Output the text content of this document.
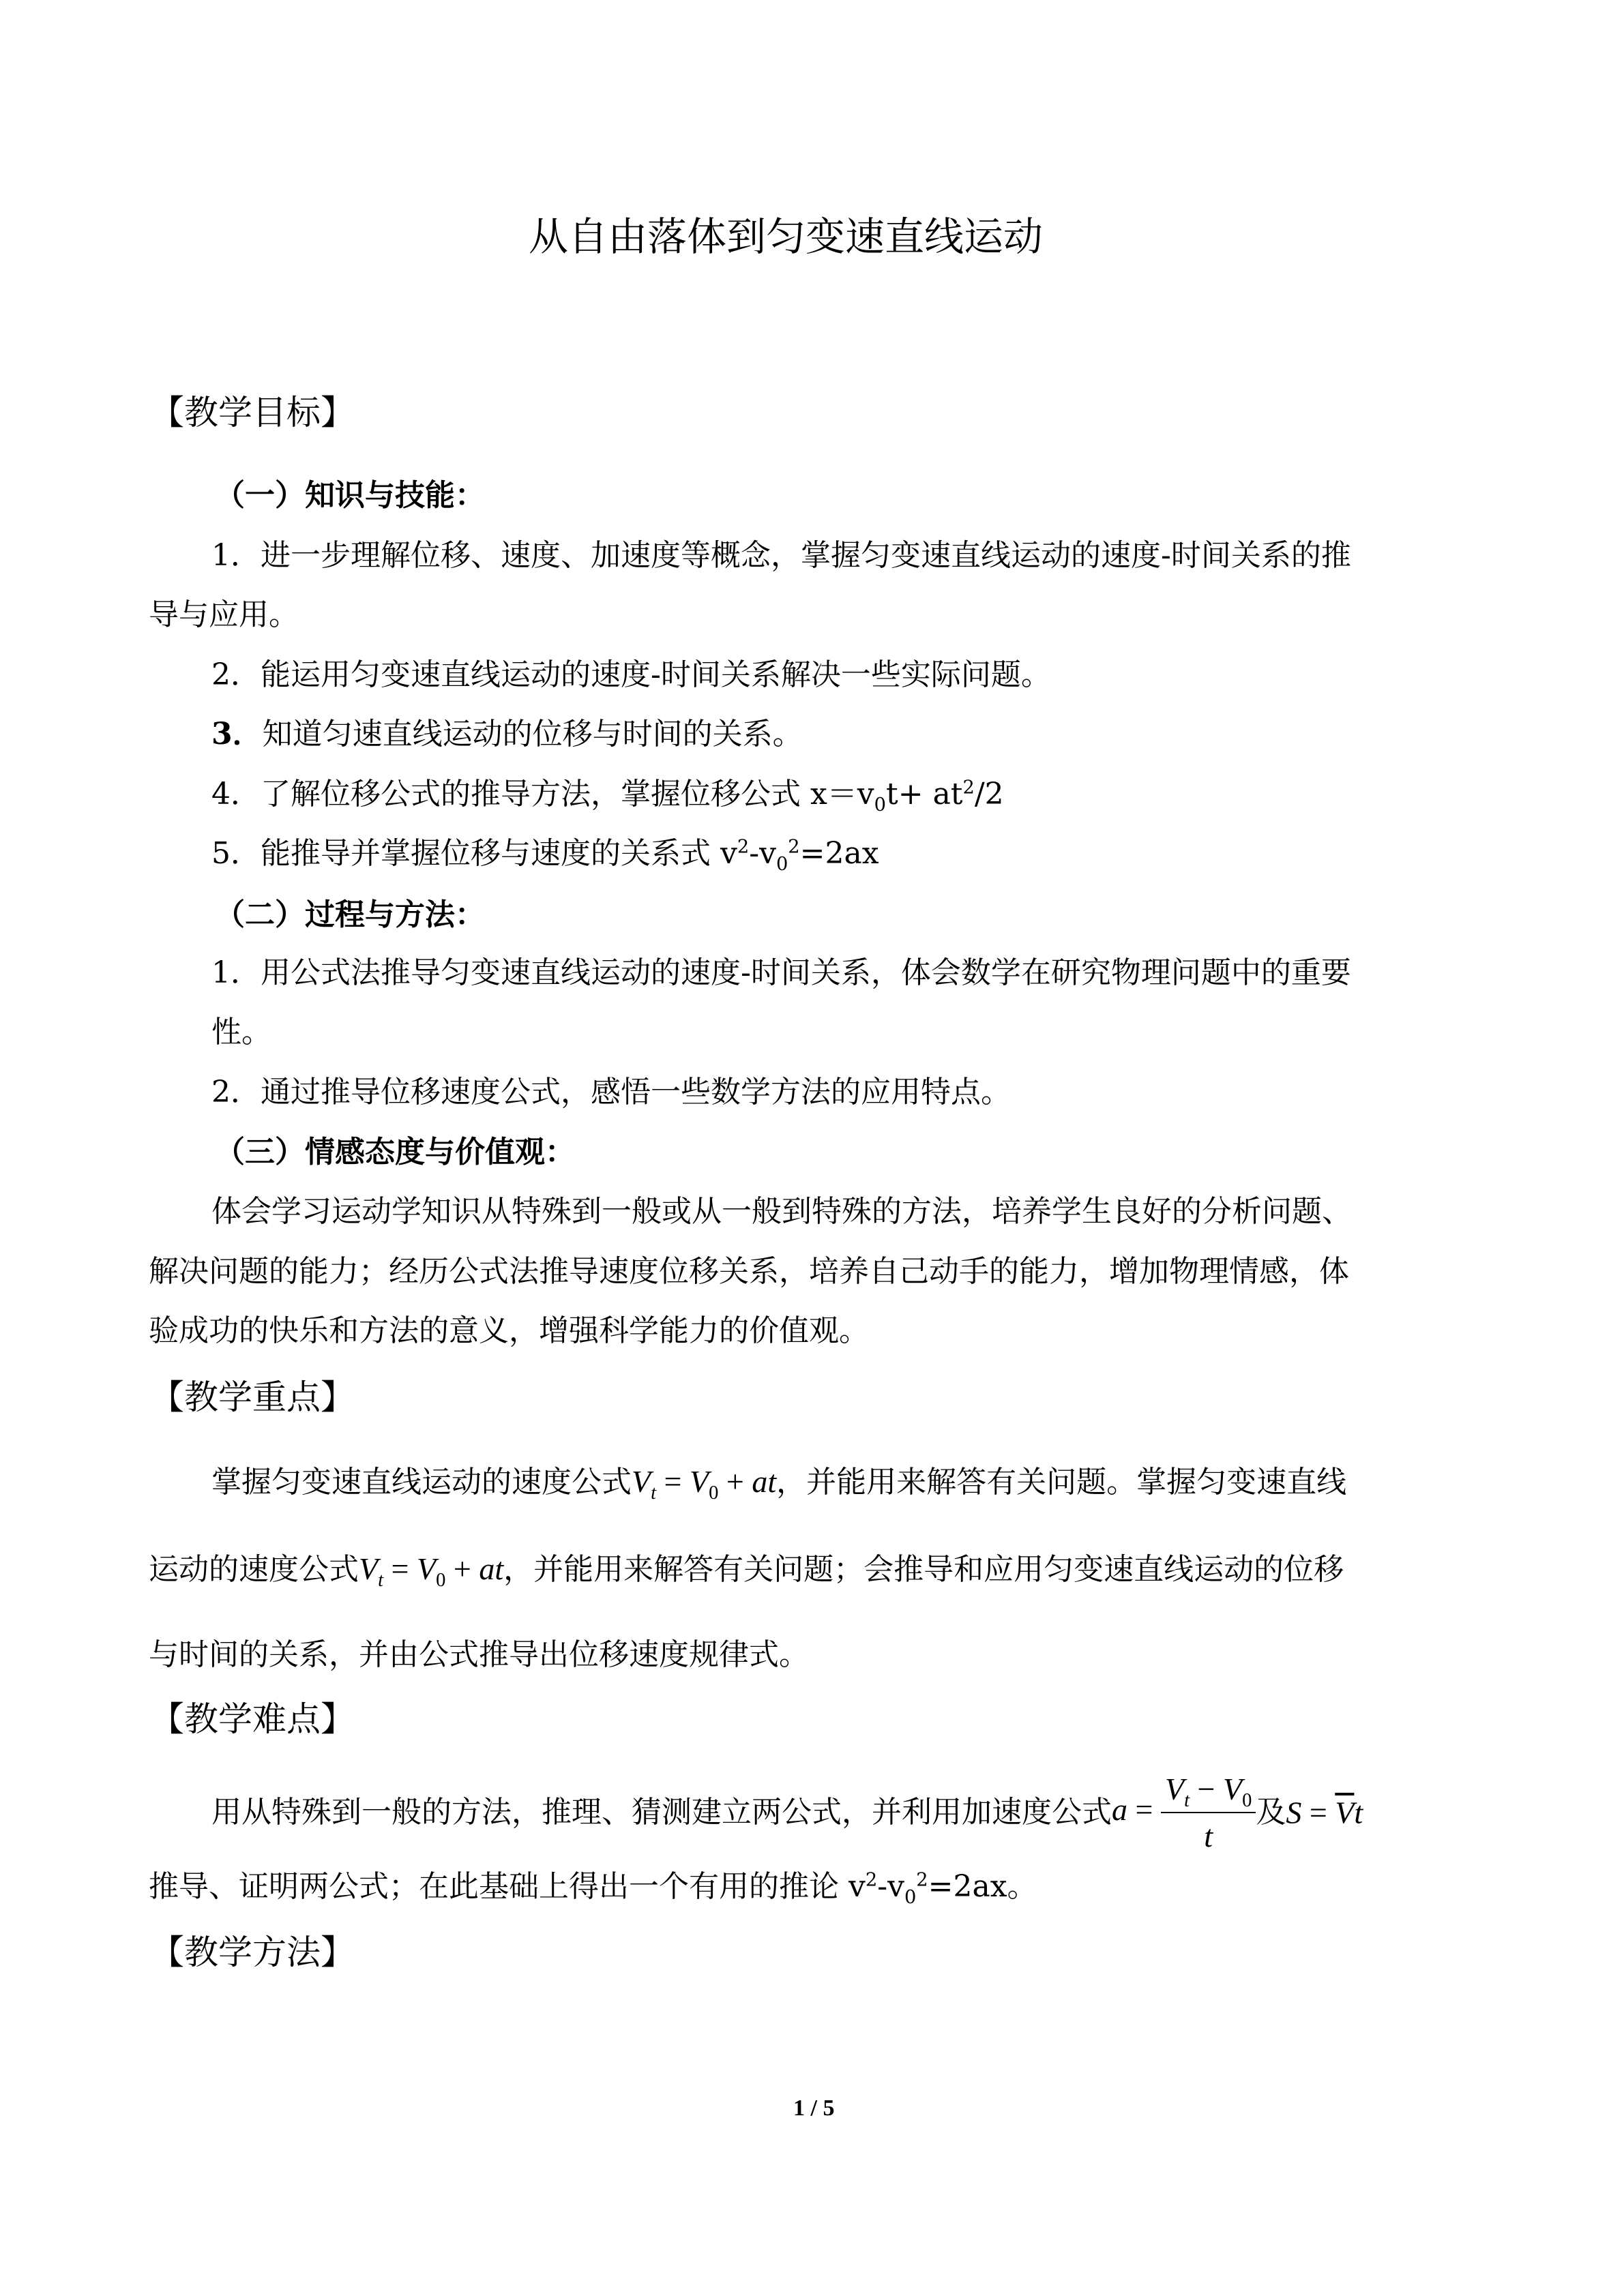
从自由落体到匀变速直线运动
【教学目标】
（一）知识与技能：
1．进一步理解位移、速度、加速度等概念，掌握匀变速直线运动的速度-时间关系的推
导与应用。
2．能运用匀变速直线运动的速度-时间关系解决一些实际问题。
3．知道匀速直线运动的位移与时间的关系。
4．了解位移公式的推导方法，掌握位移公式 $x=v_0t+ at^2/2$
5．能推导并掌握位移与速度的关系式 $v^2-v_0^2=2ax$
（二）过程与方法：
1．用公式法推导匀变速直线运动的速度-时间关系，体会数学在研究物理问题中的重要
性。
2．通过推导位移速度公式，感悟一些数学方法的应用特点。
（三）情感态度与价值观：
体会学习运动学知识从特殊到一般或从一般到特殊的方法，培养学生良好的分析问题、
解决问题的能力；经历公式法推导速度位移关系，培养自己动手的能力，增加物理情感，体
验成功的快乐和方法的意义，增强科学能力的价值观。
【教学重点】
掌握匀变速直线运动的速度公式$V_t = V_0$ + at，并能用来解答有关问题。掌握匀变速直线
运动的速度公式$V_t = V_0$ + at，并能用来解答有关问题；会推导和应用匀变速直线运动的位移
与时间的关系，并由公式推导出位移速度规律式。
【教学难点】
用从特殊到一般的方法，推理、猜测建立两公式，并利用加速度公式$a = \frac{V_t - V_0}{t}$ 及$S = \overline{V}t$
推导、证明两公式；在此基础上得出一个有用的推论 $v^2-v_0^2=2ax$。
【教学方法】
1 / 5
